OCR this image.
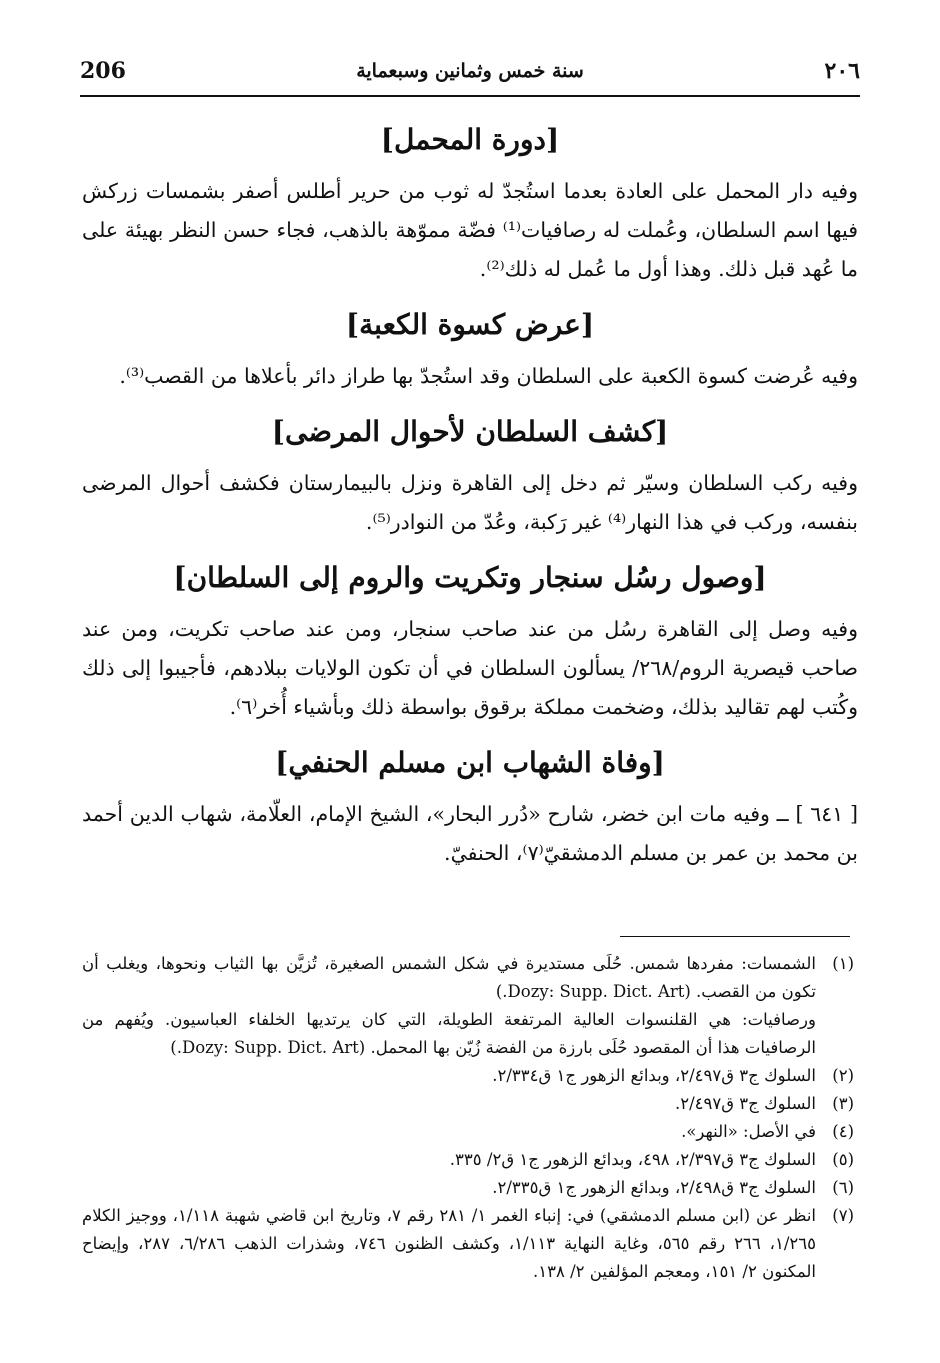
206	سنة خمس وثمانين وسبعماية	٢٠٦
[دورة المحمل]

وفيه دار المحمل على العادة بعدما استُجدّ له ثوب من حرير أطلس أصفر بشمسات زركش فيها اسم السلطان، وعُملت له رصافيات⁽¹⁾ فضّة مموّهة بالذهب، فجاء حسن النظر بهيئة على ما عُهد قبل ذلك. وهذا أول ما عُمل له ذلك⁽²⁾.

[عرض كسوة الكعبة]

وفيه عُرضت كسوة الكعبة على السلطان وقد استُجدّ بها طراز دائر بأعلاها من القصب⁽³⁾.

[كشف السلطان لأحوال المرضى]

وفيه ركب السلطان وسيّر ثم دخل إلى القاهرة ونزل بالبيمارستان فكشف أحوال المرضى بنفسه، وركب في هذا النهار⁽⁴⁾ غير رَكبة، وعُدّ من النوادر⁽⁵⁾.

[وصول رسُل سنجار وتكريت والروم إلى السلطان]

وفيه وصل إلى القاهرة رسُل من عند صاحب سنجار، ومن عند صاحب تكريت، ومن عند صاحب قيصرية الروم/٢٦٨/ يسألون السلطان في أن تكون الولايات ببلادهم، فأجيبوا إلى ذلك وكُتب لهم تقاليد بذلك، وضخمت مملكة برقوق بواسطة ذلك وبأشياء أُخر⁽٦⁾.

[وفاة الشهاب ابن مسلم الحنفي]

[ ٦٤١ ] ــ وفيه مات ابن خضر، شارح «دُرر البحار»، الشيخ الإمام، العلّامة، شهاب الدين أحمد بن محمد بن عمر بن مسلم الدمشقيّ⁽٧⁾، الحنفيّ.

(١)
الشمسات: مفردها شمس. حُلَى مستديرة في شكل الشمس الصغيرة، تُزيَّن بها الثياب ونحوها، ويغلب أن تكون من القصب. (Dozy: Supp. Dict. Art.)
ورصافيات: هي القلنسوات العالية المرتفعة الطويلة، التي كان يرتديها الخلفاء العباسيون. ويُفهم من الرصافيات هذا أن المقصود حُلَى بارزة من الفضة زُيّن بها المحمل. (Dozy: Supp. Dict. Art.)
(٢)
السلوك ج٣ ق٢/٤٩٧، وبدائع الزهور ج١ ق٢/٣٣٤.
(٣)
السلوك ج٣ ق٢/٤٩٧.
(٤)
في الأصل: «النهر».
(٥)
السلوك ج٣ ق٢/٣٩٧، ٤٩٨، وبدائع الزهور ج١ ق٢/ ٣٣٥.
(٦)
السلوك ج٣ ق٢/٤٩٨، وبدائع الزهور ج١ ق٢/٣٣٥.
(٧)
انظر عن (ابن مسلم الدمشقي) في: إنباء الغمر ١/ ٢٨١ رقم ٧، وتاريخ ابن قاضي شهبة ١/١١٨، ووجيز الكلام ١/٢٦٥، ٢٦٦ رقم ٥٦٥، وغاية النهاية ١/١١٣، وكشف الظنون ٧٤٦، وشذرات الذهب ٦/٢٨٦، ٢٨٧، وإيضاح المكنون ٢/ ١٥١، ومعجم المؤلفين ٢/ ١٣٨.
